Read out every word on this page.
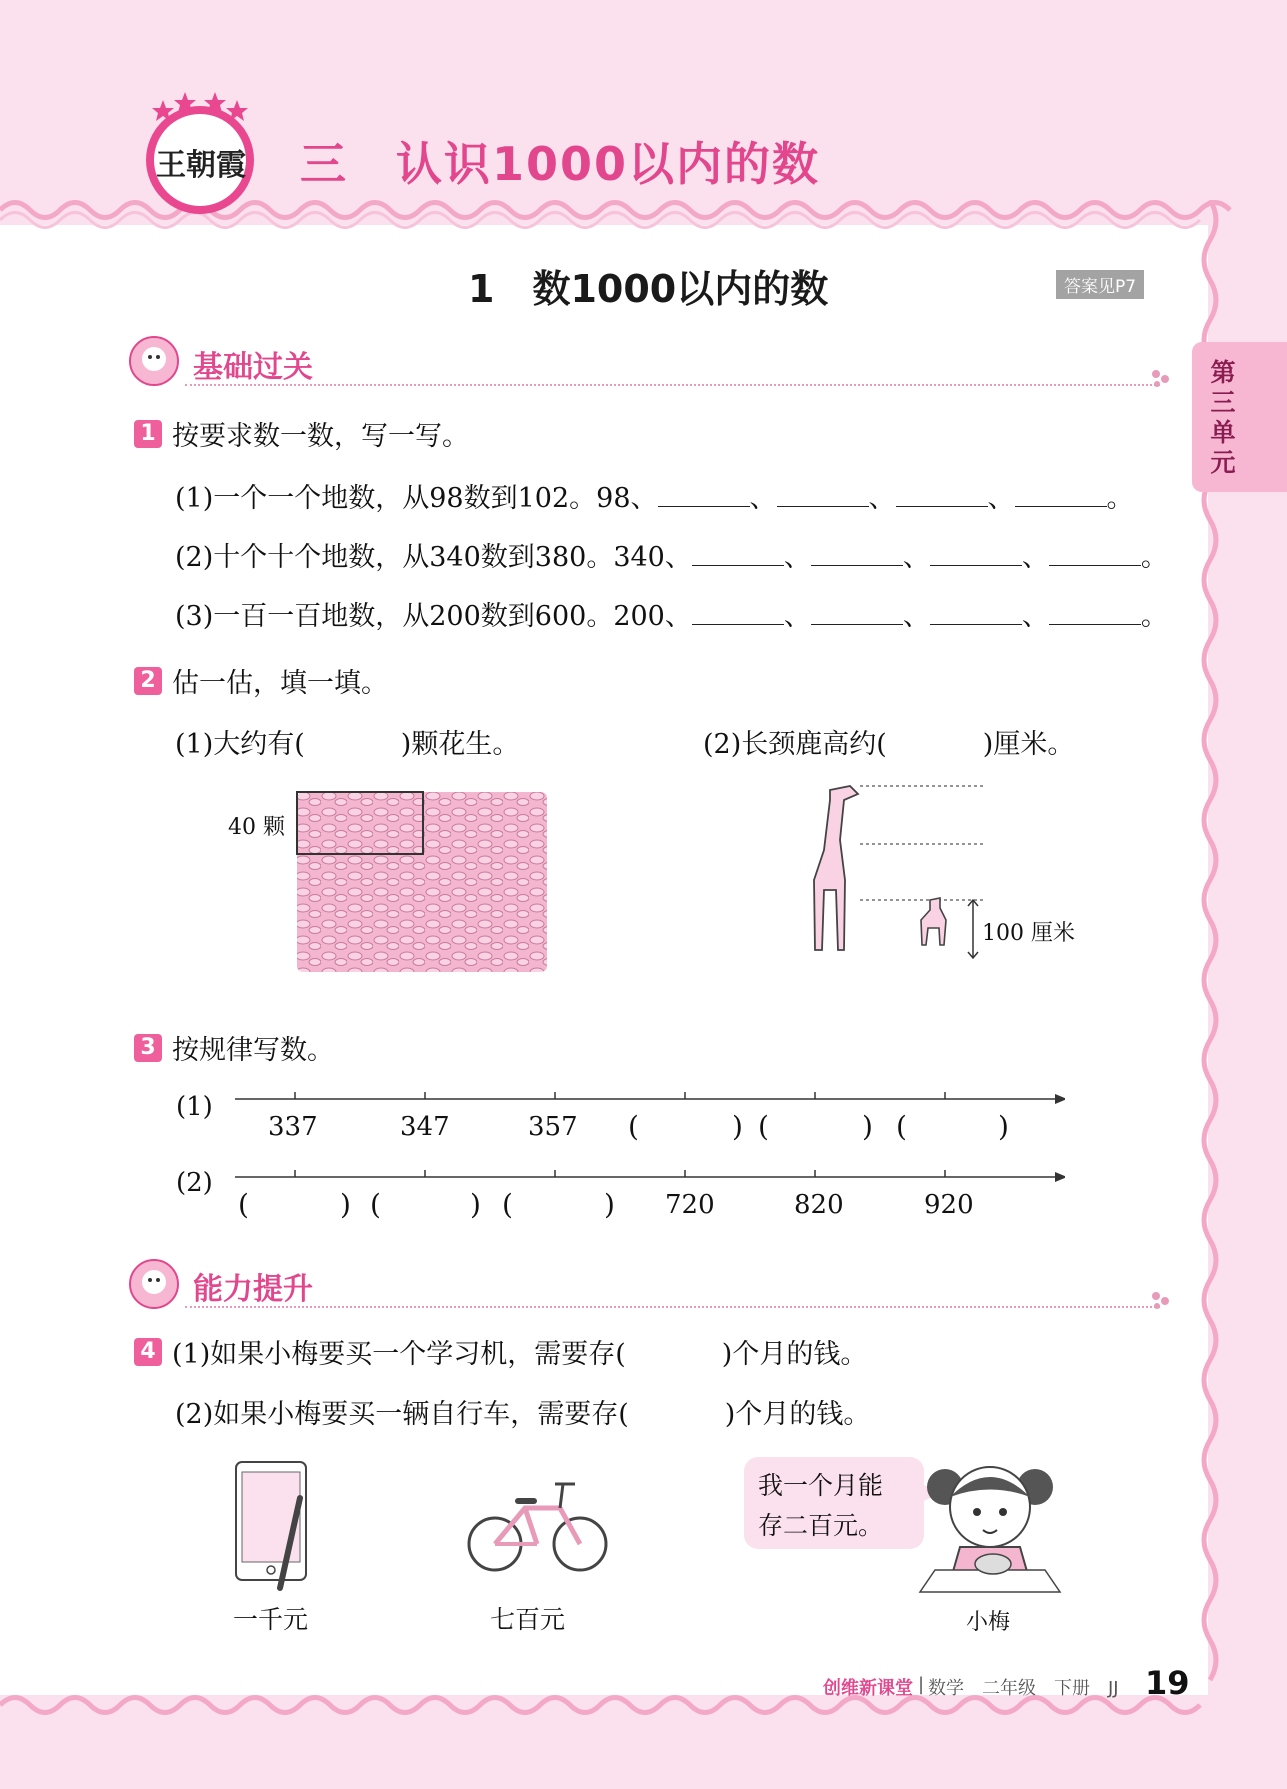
王朝霞 三　认识1000以内的数
1　数1000以内的数	答案见P7
第三单元
基础过关
1 按要求数一数，写一写。
(1)一个一个地数，从98数到102。98、	、	、	、	。
(2)十个十个地数，从340数到380。340、	、	、	、	。
(3)一百一百地数，从200数到600。200、	、	、	、	。
2 估一估，填一填。
(1)大约有(	)颗花生。	(2)长颈鹿高约(	)厘米。
40 颗
100 厘米
3 按规律写数。
(1)
337	347	357 (	) (	) (	)
(2)
(	) (	) (	) 720	820	920
能力提升
4 (1)如果小梅要买一个学习机，需要存(	)个月的钱。
(2)如果小梅要买一辆自行车，需要存(	)个月的钱。
一千元	七百元
我一个月能
存二百元。
小梅
创维新课堂 | 数学　二年级　下册　JJ 19
